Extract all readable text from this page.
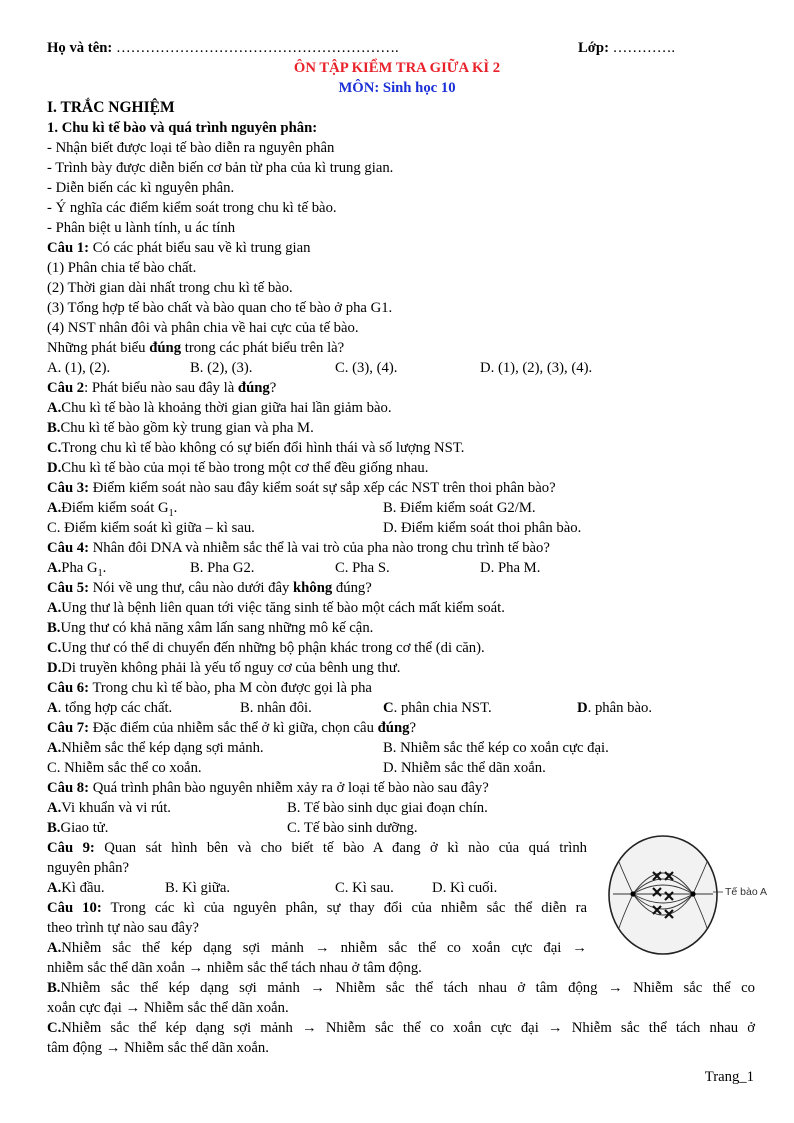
Họ và tên: ………………………………………………….	Lớp: ………….
ÔN TẬP KIỂM TRA GIỮA KÌ 2
MÔN: Sinh học 10
I. TRẮC NGHIỆM
1. Chu kì tế bào và quá trình nguyên phân:
- Nhận biết được loại tế bào diễn ra nguyên phân
- Trình bày được diễn biến cơ bản từ pha của kì trung gian.
- Diễn biến các kì nguyên phân.
- Ý nghĩa các điểm kiểm soát trong chu kì tế bào.
- Phân biệt u lành tính, u ác tính
Câu 1: Có các phát biểu sau về kì trung gian
(1) Phân chia tế bào chất.
(2) Thời gian dài nhất trong chu kì tế bào.
(3) Tổng hợp tế bào chất và bào quan cho tế bào ở pha G1.
(4) NST nhân đôi và phân chia về hai cực của tế bào.
Những phát biểu đúng trong các phát biểu trên là?
A. (1), (2).	B. (2), (3).	C. (3), (4).	D. (1), (2), (3), (4).
Câu 2: Phát biểu nào sau đây là đúng?
A.Chu kì tế bào là khoảng thời gian giữa hai lần giảm bào.
B.Chu kì tế bào gồm kỳ trung gian và pha M.
C.Trong chu kì tế bào không có sự biến đổi hình thái và số lượng NST.
D.Chu kì tế bào của mọi tế bào trong một cơ thể đều giống nhau.
Câu 3: Điểm kiểm soát nào sau đây kiểm soát sự sắp xếp các NST trên thoi phân bào?
A.Điểm kiểm soát $G_1$.	B. Điểm kiểm soát G2/M.
C. Điểm kiểm soát kì giữa – kì sau.	D. Điểm kiểm soát thoi phân bào.
Câu 4: Nhân đôi DNA và nhiễm sắc thể là vai trò của pha nào trong chu trình tế bào?
A.Pha $G_1$.	B. Pha G2.	C. Pha S.	D. Pha M.
Câu 5: Nói về ung thư, câu nào dưới đây không đúng?
A.Ung thư là bệnh liên quan tới việc tăng sinh tế bào một cách mất kiểm soát.
B.Ung thư có khả năng xâm lấn sang những mô kế cận.
C.Ung thư có thể di chuyển đến những bộ phận khác trong cơ thể (di căn).
D.Di truyền không phải là yếu tố nguy cơ của bênh ung thư.
Câu 6: Trong chu kì tế bào, pha M còn được gọi là pha
A. tổng hợp các chất.	B. nhân đôi.	C. phân chia NST.	D. phân bào.
Câu 7: Đặc điểm của nhiễm sắc thể ở kì giữa, chọn câu đúng?
A.Nhiễm sắc thể kép dạng sợi mảnh.	B. Nhiễm sắc thể kép co xoắn cực đại.
C. Nhiễm sắc thể co xoắn.	D. Nhiễm sắc thể dãn xoắn.
Câu 8: Quá trình phân bào nguyên nhiễm xảy ra ở loại tế bào nào sau đây?
A.Vi khuẩn và vi rút.	B. Tế bào sinh dục giai đoạn chín.
B.Giao tử.	C. Tế bào sinh dưỡng.
Câu 9: Quan sát hình bên và cho biết tế bào A đang ở kì nào của quá trình
nguyên phân?
A.Kì đầu.	B. Kì giữa.	C. Kì sau.	D. Kì cuối.	Tế bào A
Câu 10: Trong các kì của nguyên phân, sự thay đổi của nhiễm sắc thể diễn ra
theo trình tự nào sau đây?
A.Nhiễm sắc thể kép dạng sợi mảnh → nhiễm sắc thể co xoắn cực đại →
nhiễm sắc thể dãn xoắn → nhiễm sắc thể tách nhau ở tâm động.
B.Nhiễm sắc thể kép dạng sợi mảnh → Nhiễm sắc thể tách nhau ở tâm động → Nhiễm sắc thể co
xoắn cực đại → Nhiễm sắc thể dãn xoắn.
C.Nhiễm sắc thể kép dạng sợi mảnh → Nhiễm sắc thể co xoắn cực đại → Nhiễm sắc thể tách nhau ở
tâm động → Nhiễm sắc thể dãn xoắn.
Trang_1
